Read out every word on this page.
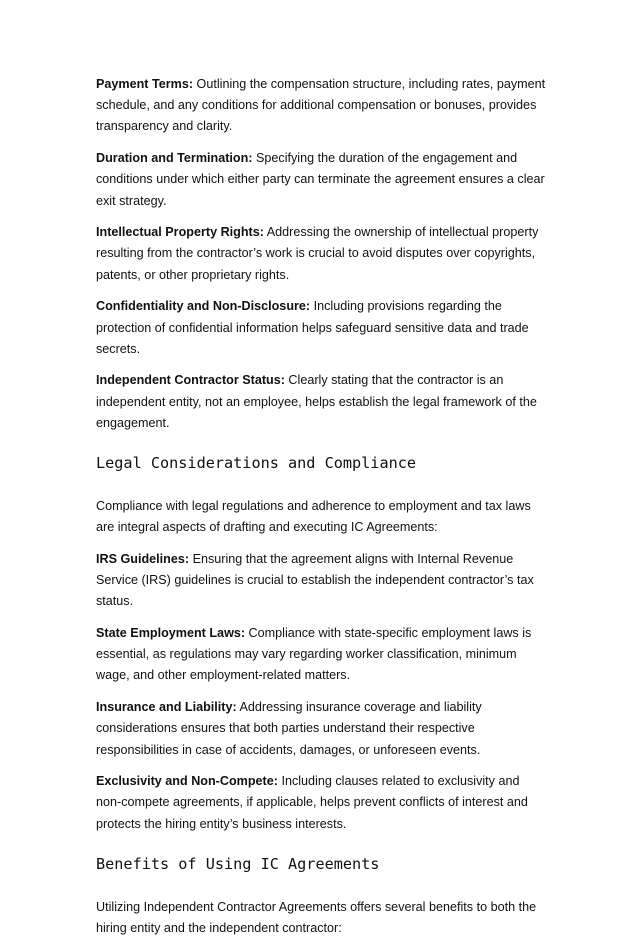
Payment Terms: Outlining the compensation structure, including rates, payment schedule, and any conditions for additional compensation or bonuses, provides transparency and clarity.

Duration and Termination: Specifying the duration of the engagement and conditions under which either party can terminate the agreement ensures a clear exit strategy.

Intellectual Property Rights: Addressing the ownership of intellectual property resulting from the contractor’s work is crucial to avoid disputes over copyrights, patents, or other proprietary rights.

Confidentiality and Non-Disclosure: Including provisions regarding the protection of confidential information helps safeguard sensitive data and trade secrets.

Independent Contractor Status: Clearly stating that the contractor is an independent entity, not an employee, helps establish the legal framework of the engagement.

Legal Considerations and Compliance

Compliance with legal regulations and adherence to employment and tax laws are integral aspects of drafting and executing IC Agreements:

IRS Guidelines: Ensuring that the agreement aligns with Internal Revenue Service (IRS) guidelines is crucial to establish the independent contractor’s tax status.

State Employment Laws: Compliance with state-specific employment laws is essential, as regulations may vary regarding worker classification, minimum wage, and other employment-related matters.

Insurance and Liability: Addressing insurance coverage and liability considerations ensures that both parties understand their respective responsibilities in case of accidents, damages, or unforeseen events.

Exclusivity and Non-Compete: Including clauses related to exclusivity and non-compete agreements, if applicable, helps prevent conflicts of interest and protects the hiring entity’s business interests.

Benefits of Using IC Agreements

Utilizing Independent Contractor Agreements offers several benefits to both the hiring entity and the independent contractor:
